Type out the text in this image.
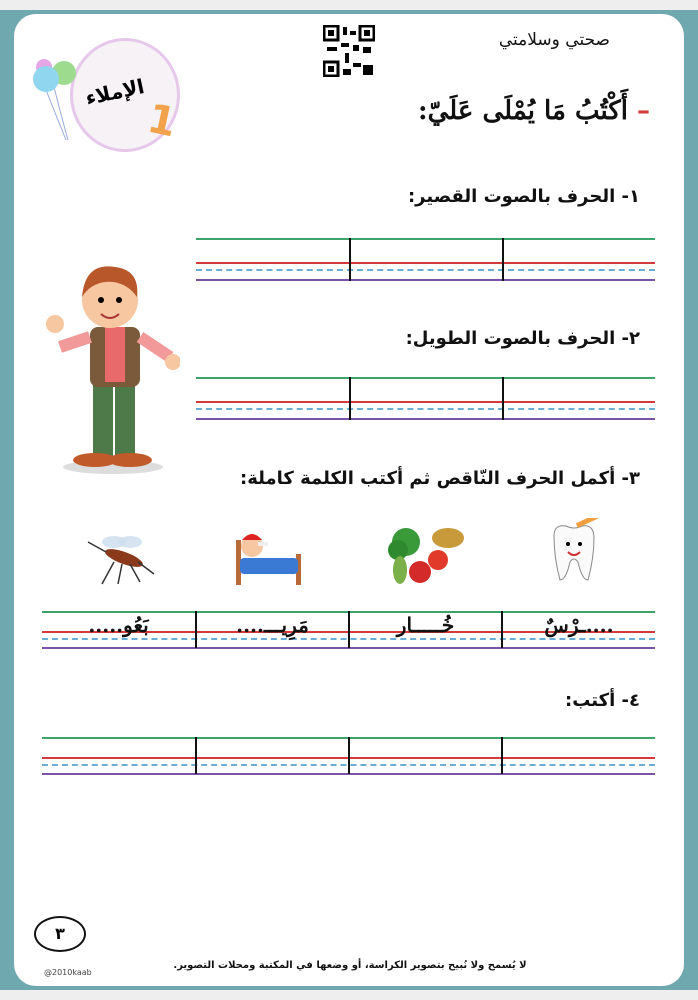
صحتي وسلامتي
الإملاء
1	– أَكْتُبُ مَا يُمْلَى عَلَيّ:
١- الحرف بالصوت القصير:
٢- الحرف بالصوت الطويل:
٣- أكمل الحرف النّاقص ثم أكتب الكلمة كاملة:
٤- أكتب:
....ـرْسٌ
خُـــــار
مَرِيـــ....
بَعُو.....
٣
لا يُسمح ولا نُبيح بتصوير الكراسة، أو وضعها في المكتبة ومحلات التصوير.
@2010kaab
